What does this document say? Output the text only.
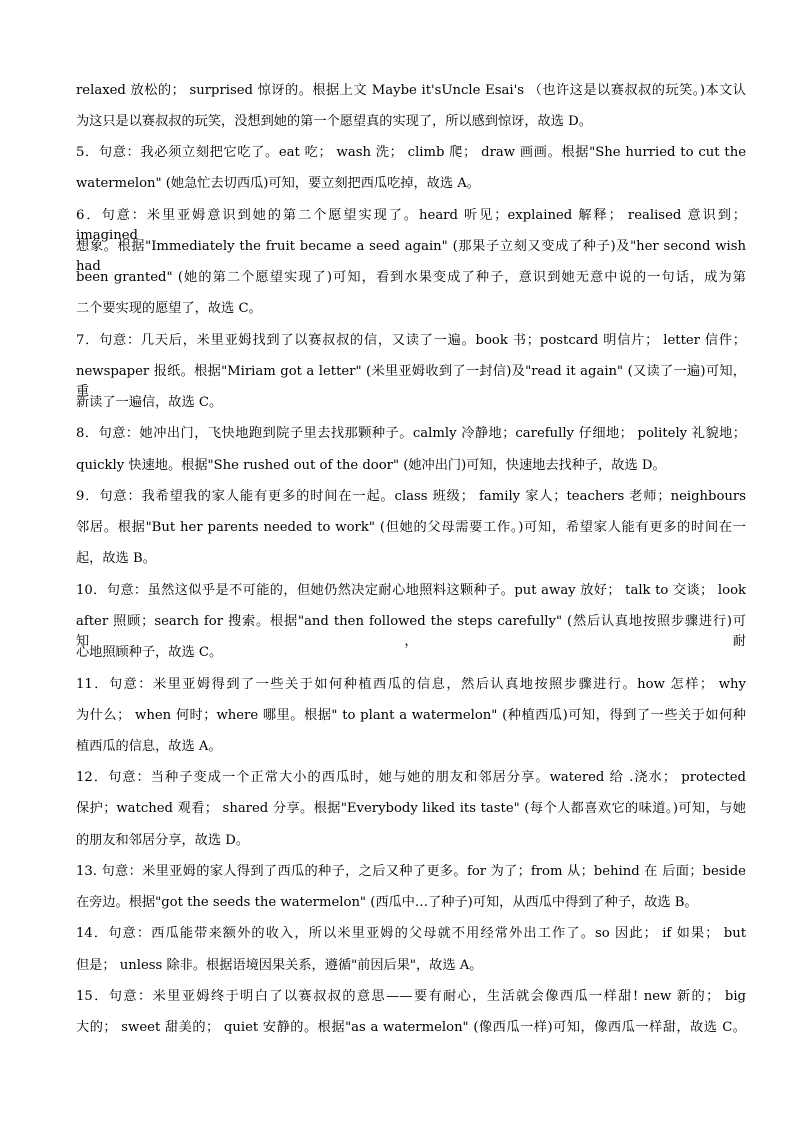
relaxed 放松的； surprised 惊讶的。根据上文 Maybe it'sUncle Esai's （也许这是以赛叔叔的玩笑。)本文认
为这只是以赛叔叔的玩笑，没想到她的第一个愿望真的实现了，所以感到惊讶，故选 D。
5．句意：我必须立刻把它吃了。eat 吃； wash 洗； climb 爬； draw 画画。根据"She hurried to cut the
watermelon" (她急忙去切西瓜)可知，要立刻把西瓜吃掉，故选 A。
6．句意：米里亚姆意识到她的第二个愿望实现了。heard 听见；explained 解释； realised 意识到； imagined
想象。根据"Immediately the fruit became a seed again" (那果子立刻又变成了种子)及"her second wish had
been granted" (她的第二个愿望实现了)可知，看到水果变成了种子，意识到她无意中说的一句话，成为第
二个要实现的愿望了，故选 C。
7．句意：几天后，米里亚姆找到了以赛叔叔的信，又读了一遍。book 书；postcard 明信片； letter 信件；
newspaper 报纸。根据"Miriam got a letter" (米里亚姆收到了一封信)及"read it again" (又读了一遍)可知，重
新读了一遍信，故选 C。
8．句意：她冲出门，飞快地跑到院子里去找那颗种子。calmly 冷静地；carefully 仔细地； politely 礼貌地；
quickly 快速地。根据"She rushed out of the door" (她冲出门)可知，快速地去找种子，故选 D。
9．句意：我希望我的家人能有更多的时间在一起。class 班级； family 家人；teachers 老师；neighbours
邻居。根据"But her parents needed to work" (但她的父母需要工作。)可知，希望家人能有更多的时间在一
起，故选 B。
10．句意：虽然这似乎是不可能的，但她仍然决定耐心地照料这颗种子。put away 放好； talk to 交谈； look
after 照顾；search for 搜索。根据"and then followed the steps carefully" (然后认真地按照步骤进行)可知，耐
心地照顾种子，故选 C。
11．句意：米里亚姆得到了一些关于如何种植西瓜的信息，然后认真地按照步骤进行。how 怎样； why
为什么； when 何时；where 哪里。根据" to plant a watermelon" (种植西瓜)可知，得到了一些关于如何种
植西瓜的信息，故选 A。
12．句意：当种子变成一个正常大小的西瓜时，她与她的朋友和邻居分享。watered 给 .浇水； protected
保护；watched 观看； shared 分享。根据"Everybody liked its taste" (每个人都喜欢它的味道。)可知，与她
的朋友和邻居分享，故选 D。
13. 句意：米里亚姆的家人得到了西瓜的种子，之后又种了更多。for 为了；from 从；behind 在 后面；beside
在旁边。根据"got the seeds the watermelon" (西瓜中…了种子)可知，从西瓜中得到了种子，故选 B。
14．句意：西瓜能带来额外的收入，所以米里亚姆的父母就不用经常外出工作了。so 因此； if 如果； but
但是； unless 除非。根据语境因果关系，遵循"前因后果"，故选 A。
15．句意：米里亚姆终于明白了以赛叔叔的意思——要有耐心，生活就会像西瓜一样甜! new 新的； big
大的； sweet 甜美的； quiet 安静的。根据"as a watermelon" (像西瓜一样)可知，像西瓜一样甜，故选 C。
